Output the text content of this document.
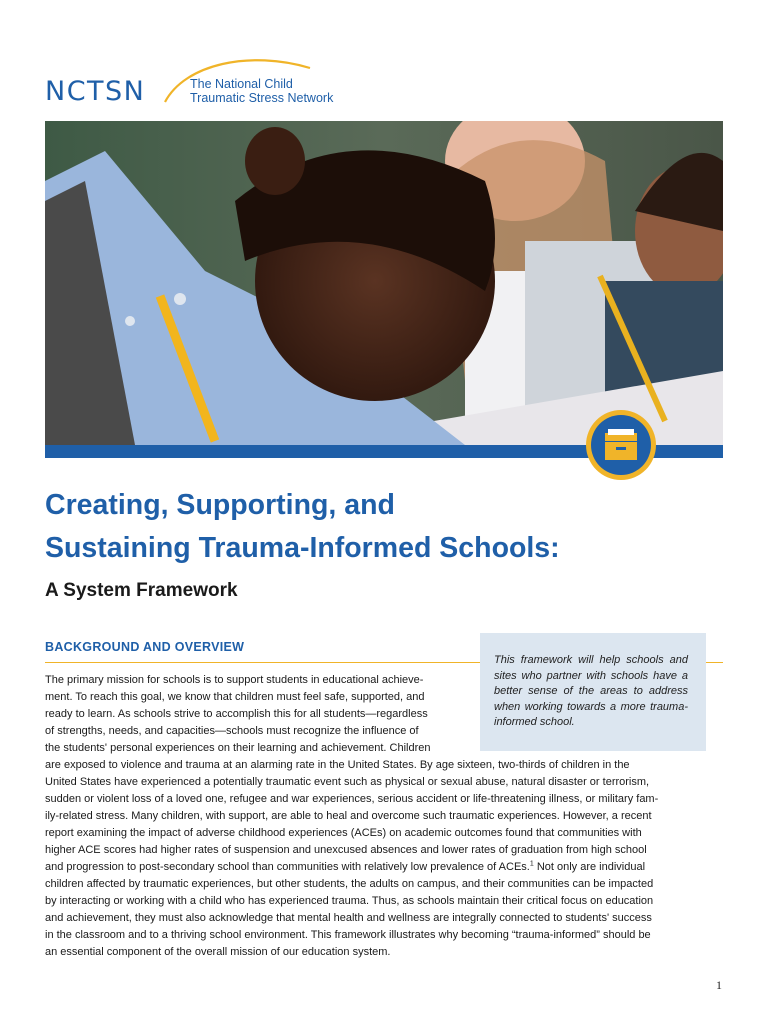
NCTSN	The National Child
Traumatic Stress Network
Creating, Supporting, and
Sustaining Trauma-Informed Schools:
A System Framework
BACKGROUND AND OVERVIEW

This framework will help schools and sites who partner with schools have a better sense of the areas to address when working towards a more trauma-informed school.

The primary mission for schools is to support students in educational achieve-
ment. To reach this goal, we know that children must feel safe, supported, and
ready to learn. As schools strive to accomplish this for all students—regardless
of strengths, needs, and capacities—schools must recognize the influence of
the students' personal experiences on their learning and achievement. Children

are exposed to violence and trauma at an alarming rate in the United States. By age sixteen, two-thirds of children in the
United States have experienced a potentially traumatic event such as physical or sexual abuse, natural disaster or terrorism,
sudden or violent loss of a loved one, refugee and war experiences, serious accident or life-threatening illness, or military fam-
ily-related stress. Many children, with support, are able to heal and overcome such traumatic experiences. However, a recent
report examining the impact of adverse childhood experiences (ACEs) on academic outcomes found that communities with
higher ACE scores had higher rates of suspension and unexcused absences and lower rates of graduation from high school
and progression to post-secondary school than communities with relatively low prevalence of ACEs.$^1$ Not only are individual
children affected by traumatic experiences, but other students, the adults on campus, and their communities can be impacted
by interacting or working with a child who has experienced trauma. Thus, as schools maintain their critical focus on education
and achievement, they must also acknowledge that mental health and wellness are integrally connected to students' success
in the classroom and to a thriving school environment. This framework illustrates why becoming “trauma-informed” should be
an essential component of the overall mission of our education system.

1
